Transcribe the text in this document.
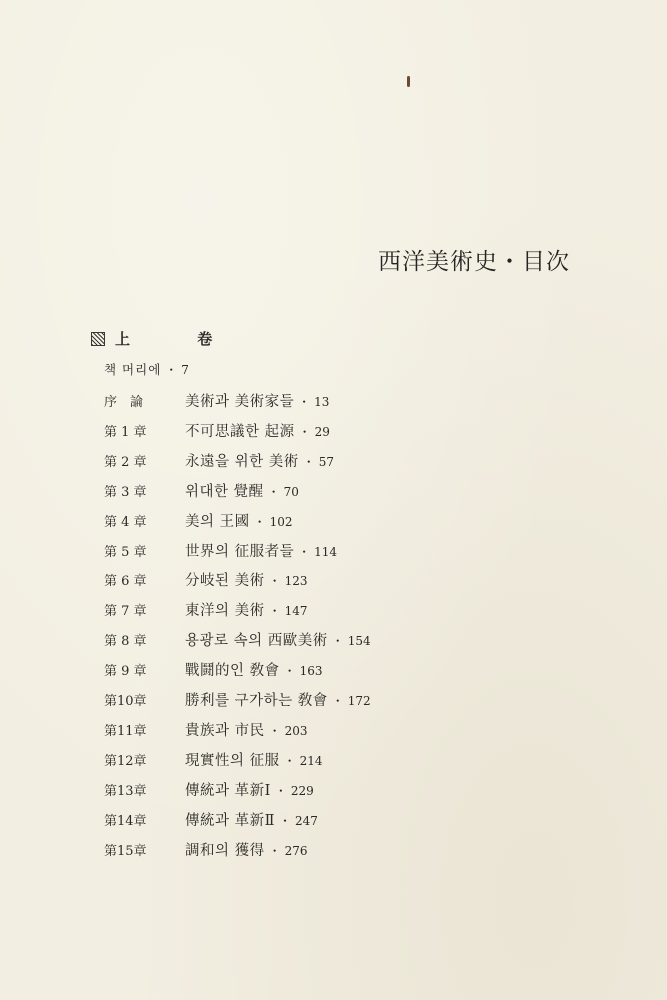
西洋美術史・目次
上 卷
책 머리에 ・ 7
序　論	美術과 美術家들 ・ 13
第 1 章	不可思議한 起源 ・ 29
第 2 章	永遠을 위한 美術 ・ 57
第 3 章	위대한 覺醒 ・ 70
第 4 章	美의 王國 ・ 102
第 5 章	世界의 征服者들 ・ 114
第 6 章	分岐된 美術 ・ 123
第 7 章	東洋의 美術 ・ 147
第 8 章	용광로 속의 西歐美術 ・ 154
第 9 章	戰鬪的인 敎會 ・ 163
第10章	勝利를 구가하는 敎會 ・ 172
第11章	貴族과 市民 ・ 203
第12章	現實性의 征服 ・ 214
第13章	傳統과 革新Ⅰ ・ 229
第14章	傳統과 革新Ⅱ ・ 247
第15章	調和의 獲得 ・ 276
